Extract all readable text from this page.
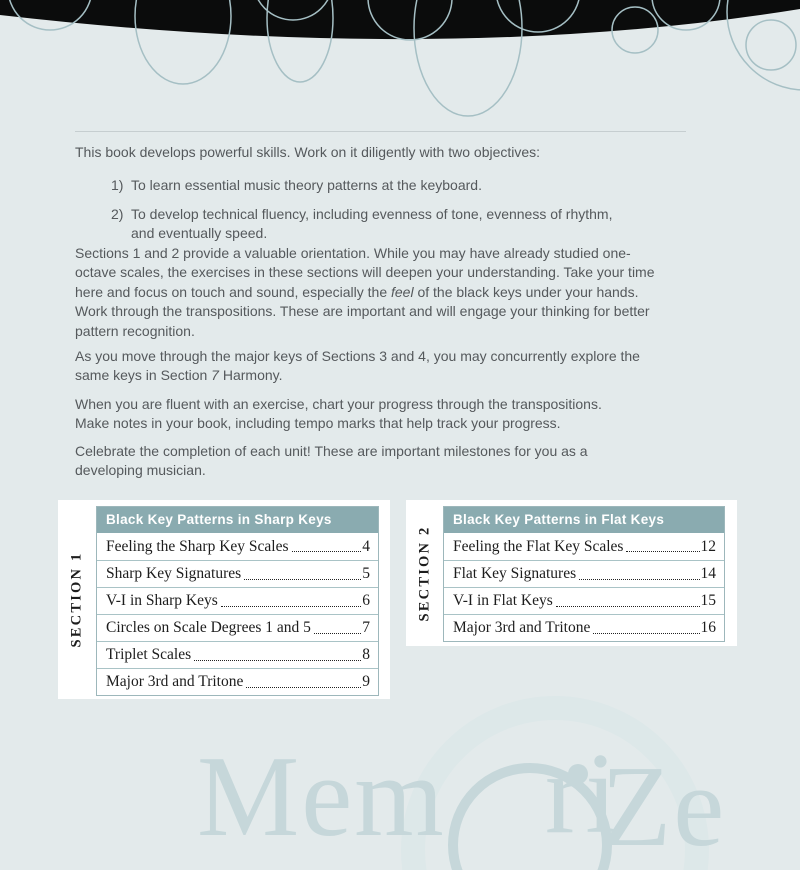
This book develops powerful skills. Work on it diligently with two objectives:
1) To learn essential music theory patterns at the keyboard.
2) To develop technical fluency, including evenness of tone, evenness of rhythm,
and eventually speed.
Sections 1 and 2 provide a valuable orientation. While you may have already studied one-
octave scales, the exercises in these sections will deepen your understanding. Take your time
here and focus on touch and sound, especially the feel of the black keys under your hands.
Work through the transpositions. These are important and will engage your thinking for better
pattern recognition.
As you move through the major keys of Sections 3 and 4, you may concurrently explore the
same keys in Section 7 Harmony.
When you are fluent with an exercise, chart your progress through the transpositions.
Make notes in your book, including tempo marks that help track your progress.
Celebrate the completion of each unit! These are important milestones for you as a
developing musician.
Mem ri
Ze
SECTION 1
Black Key Patterns in Sharp Keys
Feeling the Sharp Key Scales	4
Sharp Key Signatures	5
V-I in Sharp Keys	6
Circles on Scale Degrees 1 and 5	7
Triplet Scales	8
Major 3rd and Tritone	9
SECTION 2
Black Key Patterns in Flat Keys
Feeling the Flat Key Scales	12
Flat Key Signatures	14
V-I in Flat Keys	15
Major 3rd and Tritone	16
